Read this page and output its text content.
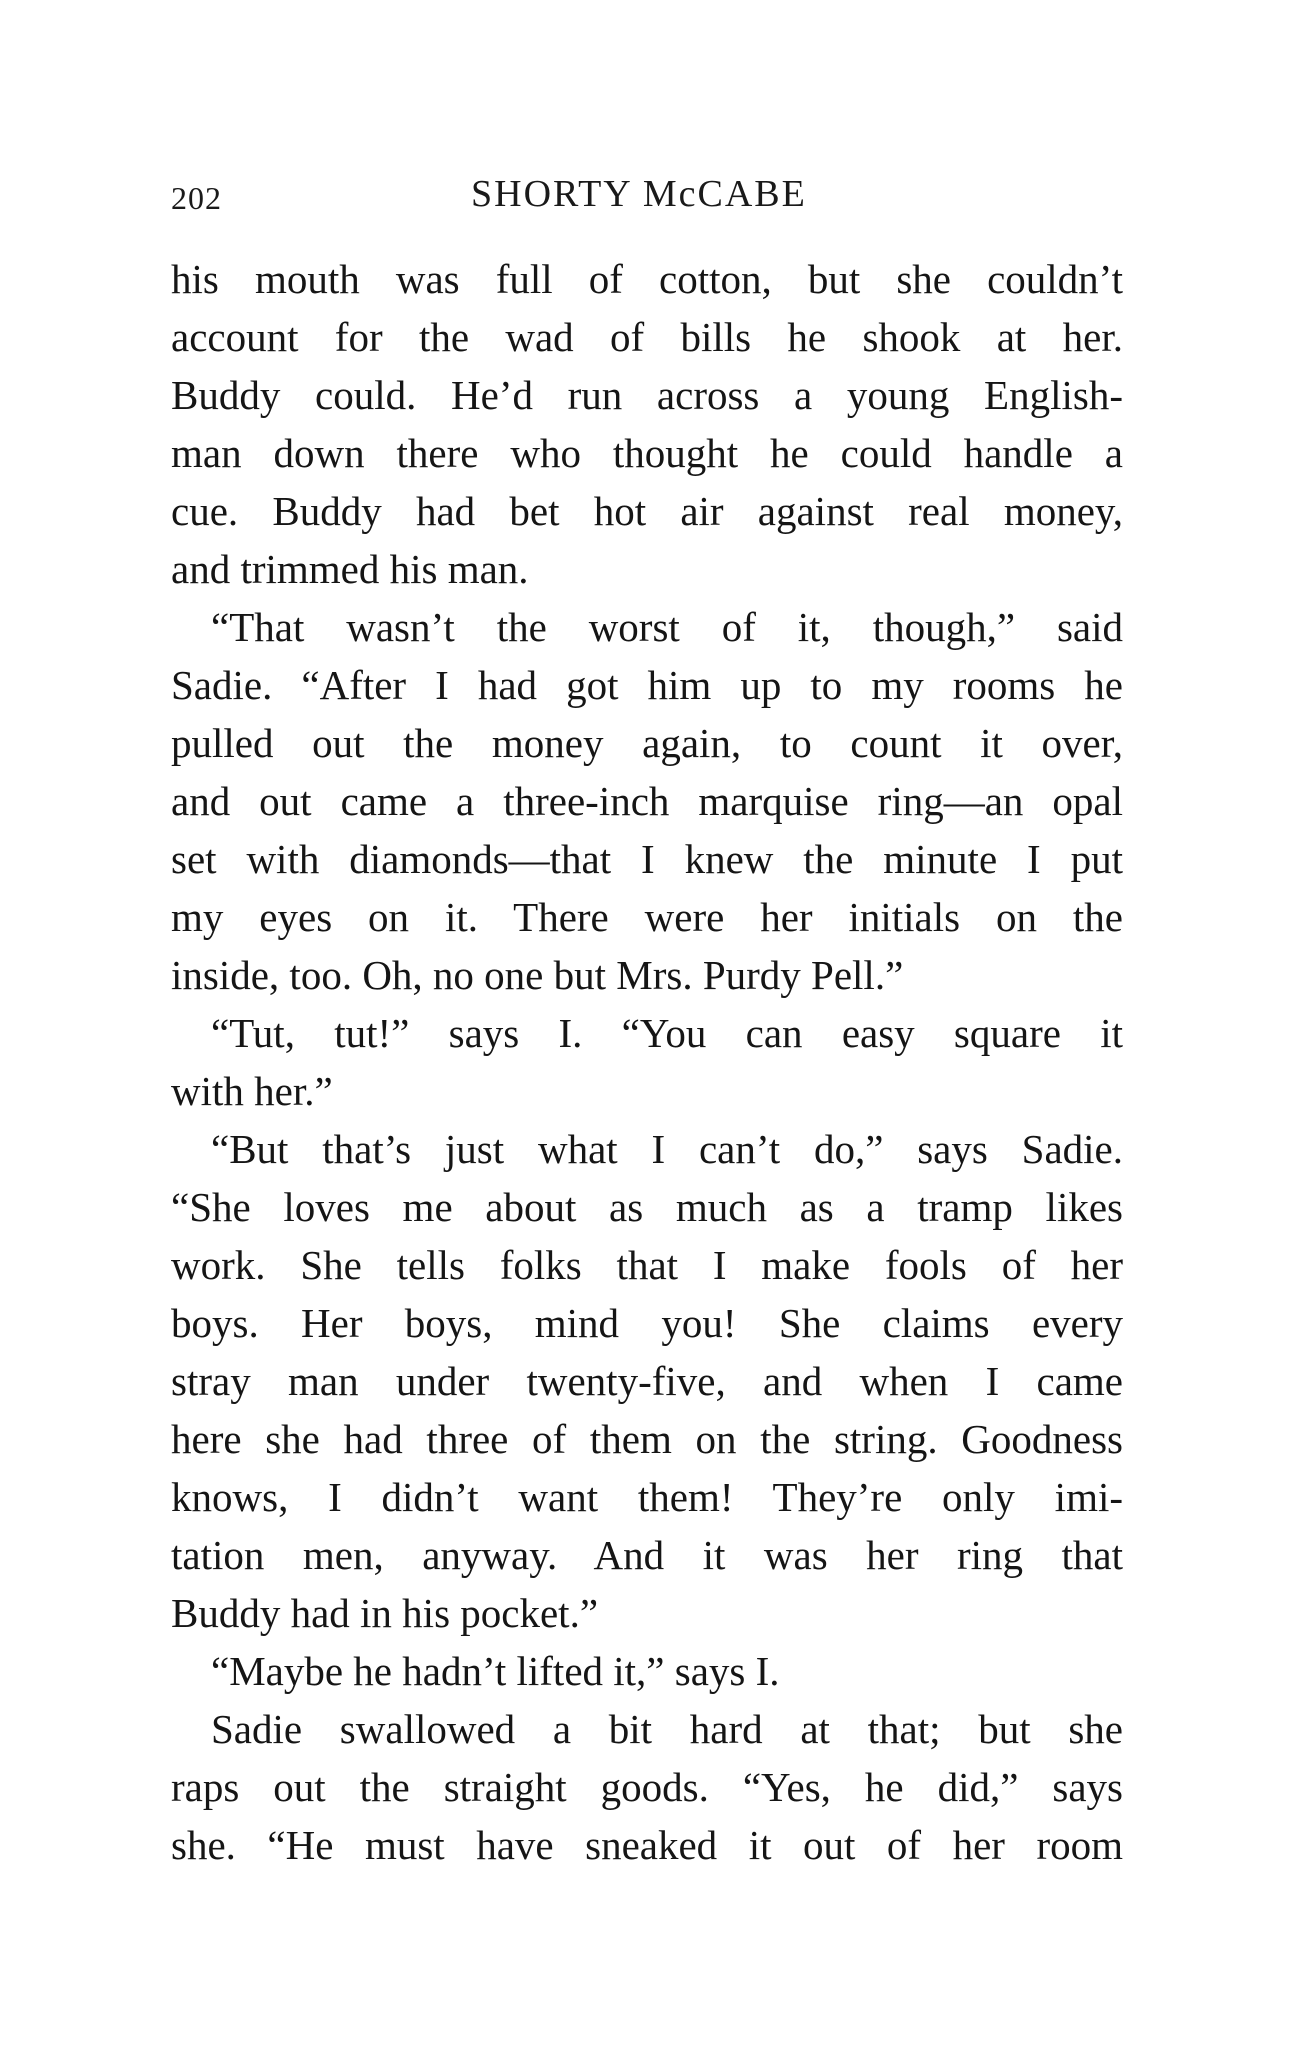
202	SHORTY McCABE
his mouth was full of cotton, but she couldn’t
account for the wad of bills he shook at her.
Buddy could. He’d run across a young English-
man down there who thought he could handle a
cue. Buddy had bet hot air against real money,
and trimmed his man.
“That wasn’t the worst of it, though,” said
Sadie. “After I had got him up to my rooms he
pulled out the money again, to count it over,
and out came a three-inch marquise ring—an opal
set with diamonds—that I knew the minute I put
my eyes on it. There were her initials on the
inside, too. Oh, no one but Mrs. Purdy Pell.”
“Tut, tut!” says I. “You can easy square it
with her.”
“But that’s just what I can’t do,” says Sadie.
“She loves me about as much as a tramp likes
work. She tells folks that I make fools of her
boys. Her boys, mind you! She claims every
stray man under twenty-five, and when I came
here she had three of them on the string. Goodness
knows, I didn’t want them! They’re only imi-
tation men, anyway. And it was her ring that
Buddy had in his pocket.”
“Maybe he hadn’t lifted it,” says I.
Sadie swallowed a bit hard at that; but she
raps out the straight goods. “Yes, he did,” says
she. “He must have sneaked it out of her room
